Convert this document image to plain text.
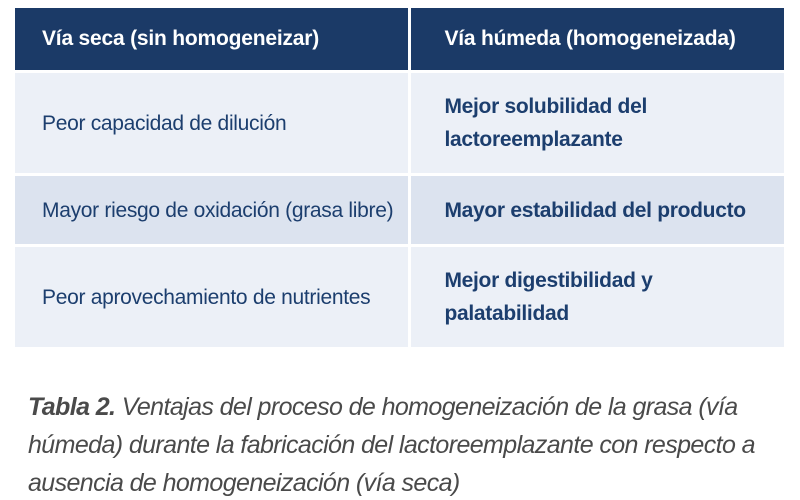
Vía seca (sin homogeneizar)	Vía húmeda (homogeneizada)
Peor capacidad de dilución
Mejor solubilidad del lactoreemplazante
Mayor riesgo de oxidación (grasa libre)	Mayor estabilidad del producto
Peor aprovechamiento de nutrientes
Mejor digestibilidad y palatabilidad
Tabla 2. Ventajas del proceso de homogeneización de la grasa (vía húmeda) durante la fabricación del lactoreemplazante con respecto a ausencia de homogeneización (vía seca)
